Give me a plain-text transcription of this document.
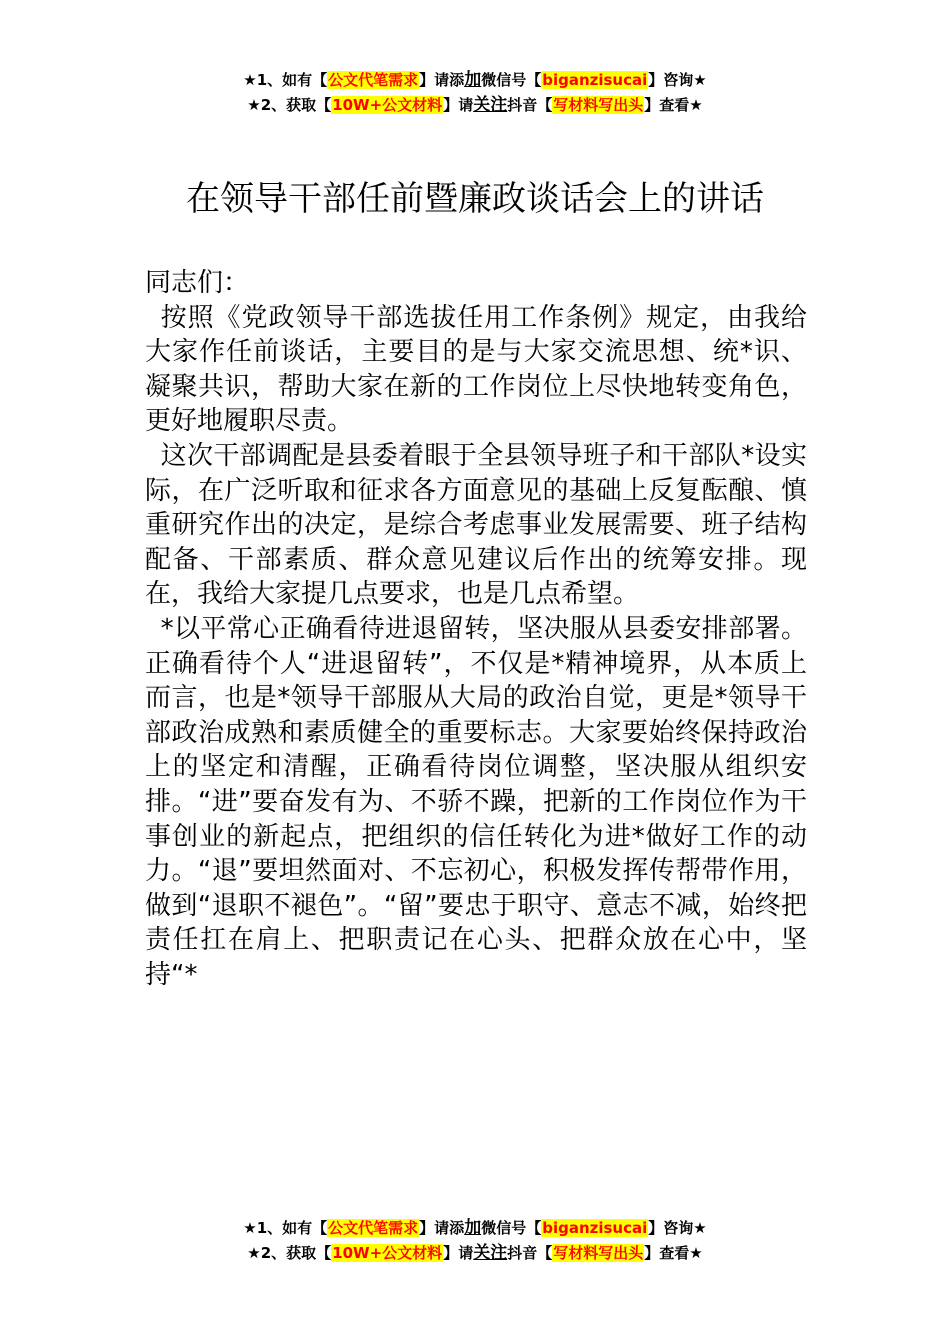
★1、如有【公文代笔需求】请添加微信号【biganzisucai】咨询★
★2、获取【10W+公文材料】请关注抖音【写材料写出头】查看★
在领导干部任前暨廉政谈话会上的讲话

同志们：

按照《党政领导干部选拔任用工作条例》规定，由我给大家作任前谈话，主要目的是与大家交流思想、统*识、凝聚共识，帮助大家在新的工作岗位上尽快地转变角色，更好地履职尽责。

这次干部调配是县委着眼于全县领导班子和干部队*设实际，在广泛听取和征求各方面意见的基础上反复酝酿、慎重研究作出的决定，是综合考虑事业发展需要、班子结构配备、干部素质、群众意见建议后作出的统筹安排。现在，我给大家提几点要求，也是几点希望。

*以平常心正确看待进退留转，坚决服从县委安排部署。正确看待个人“进退留转”，不仅是*精神境界，从本质上而言，也是*领导干部服从大局的政治自觉，更是*领导干部政治成熟和素质健全的重要标志。大家要始终保持政治上的坚定和清醒，正确看待岗位调整，坚决服从组织安排。“进”要奋发有为、不骄不躁，把新的工作岗位作为干事创业的新起点，把组织的信任转化为进*做好工作的动力。“退”要坦然面对、不忘初心，积极发挥传帮带作用，做到“退职不褪色”。“留”要忠于职守、意志不减，始终把责任扛在肩上、把职责记在心头、把群众放在心中，坚持“*

★1、如有【公文代笔需求】请添加微信号【biganzisucai】咨询★
★2、获取【10W+公文材料】请关注抖音【写材料写出头】查看★
